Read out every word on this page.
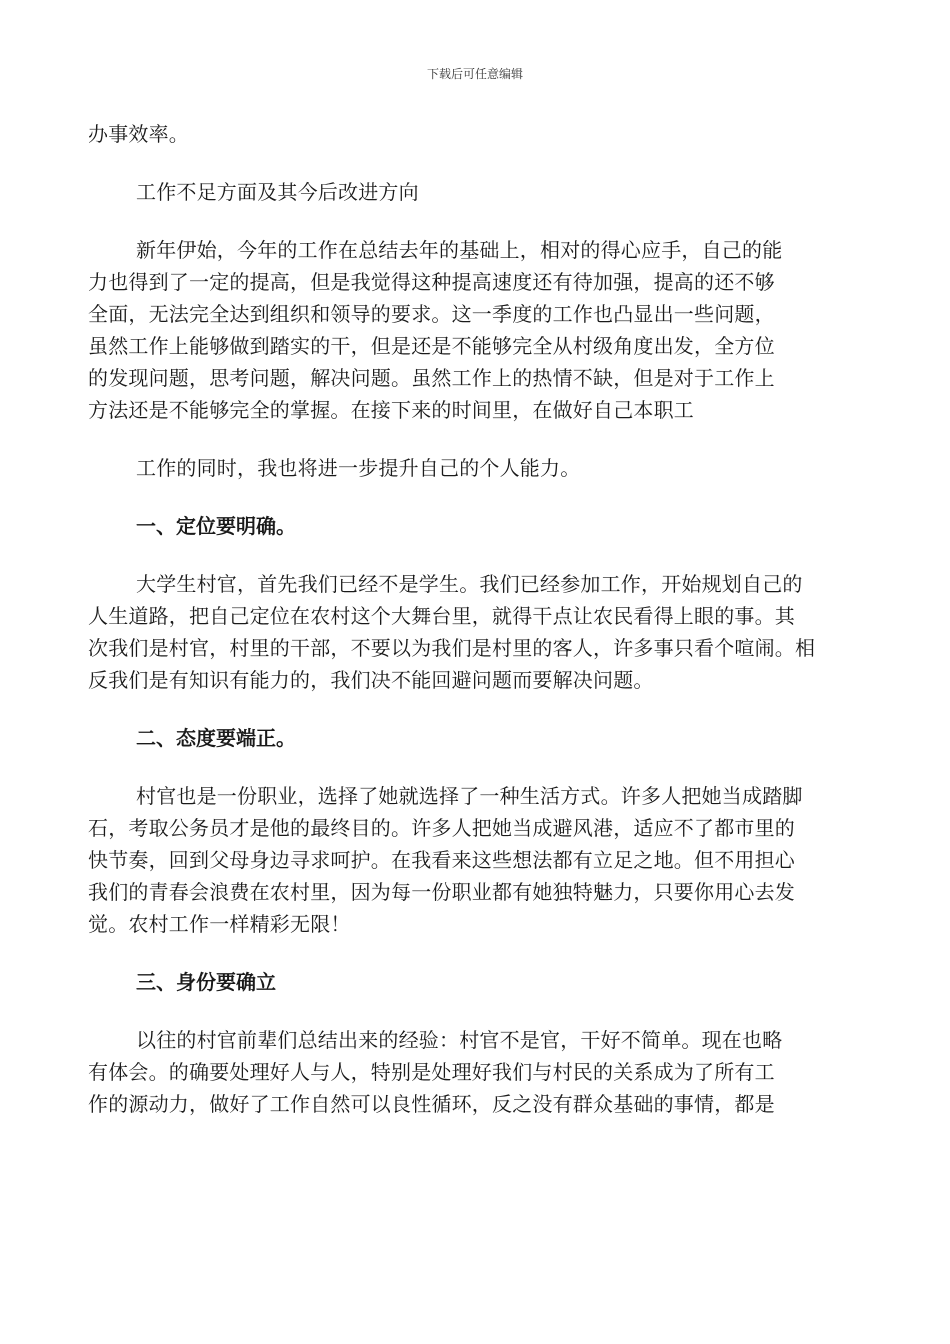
下载后可任意编辑
办事效率。
工作不足方面及其今后改进方向
新年伊始，今年的工作在总结去年的基础上，相对的得心应手，自己的能
力也得到了一定的提高，但是我觉得这种提高速度还有待加强，提高的还不够
全面，无法完全达到组织和领导的要求。这一季度的工作也凸显出一些问题，
虽然工作上能够做到踏实的干，但是还是不能够完全从村级角度出发，全方位
的发现问题，思考问题，解决问题。虽然工作上的热情不缺，但是对于工作上
方法还是不能够完全的掌握。在接下来的时间里，在做好自己本职工
工作的同时，我也将进一步提升自己的个人能力。
一、定位要明确。
大学生村官，首先我们已经不是学生。我们已经参加工作，开始规划自己的
人生道路，把自己定位在农村这个大舞台里，就得干点让农民看得上眼的事。其
次我们是村官，村里的干部，不要以为我们是村里的客人，许多事只看个喧闹。相
反我们是有知识有能力的，我们决不能回避问题而要解决问题。
二、态度要端正。
村官也是一份职业，选择了她就选择了一种生活方式。许多人把她当成踏脚
石，考取公务员才是他的最终目的。许多人把她当成避风港，适应不了都市里的
快节奏，回到父母身边寻求呵护。在我看来这些想法都有立足之地。但不用担心
我们的青春会浪费在农村里，因为每一份职业都有她独特魅力，只要你用心去发
觉。农村工作一样精彩无限！
三、身份要确立
以往的村官前辈们总结出来的经验：村官不是官，干好不简单。现在也略
有体会。的确要处理好人与人，特别是处理好我们与村民的关系成为了所有工
作的源动力，做好了工作自然可以良性循环，反之没有群众基础的事情，都是
